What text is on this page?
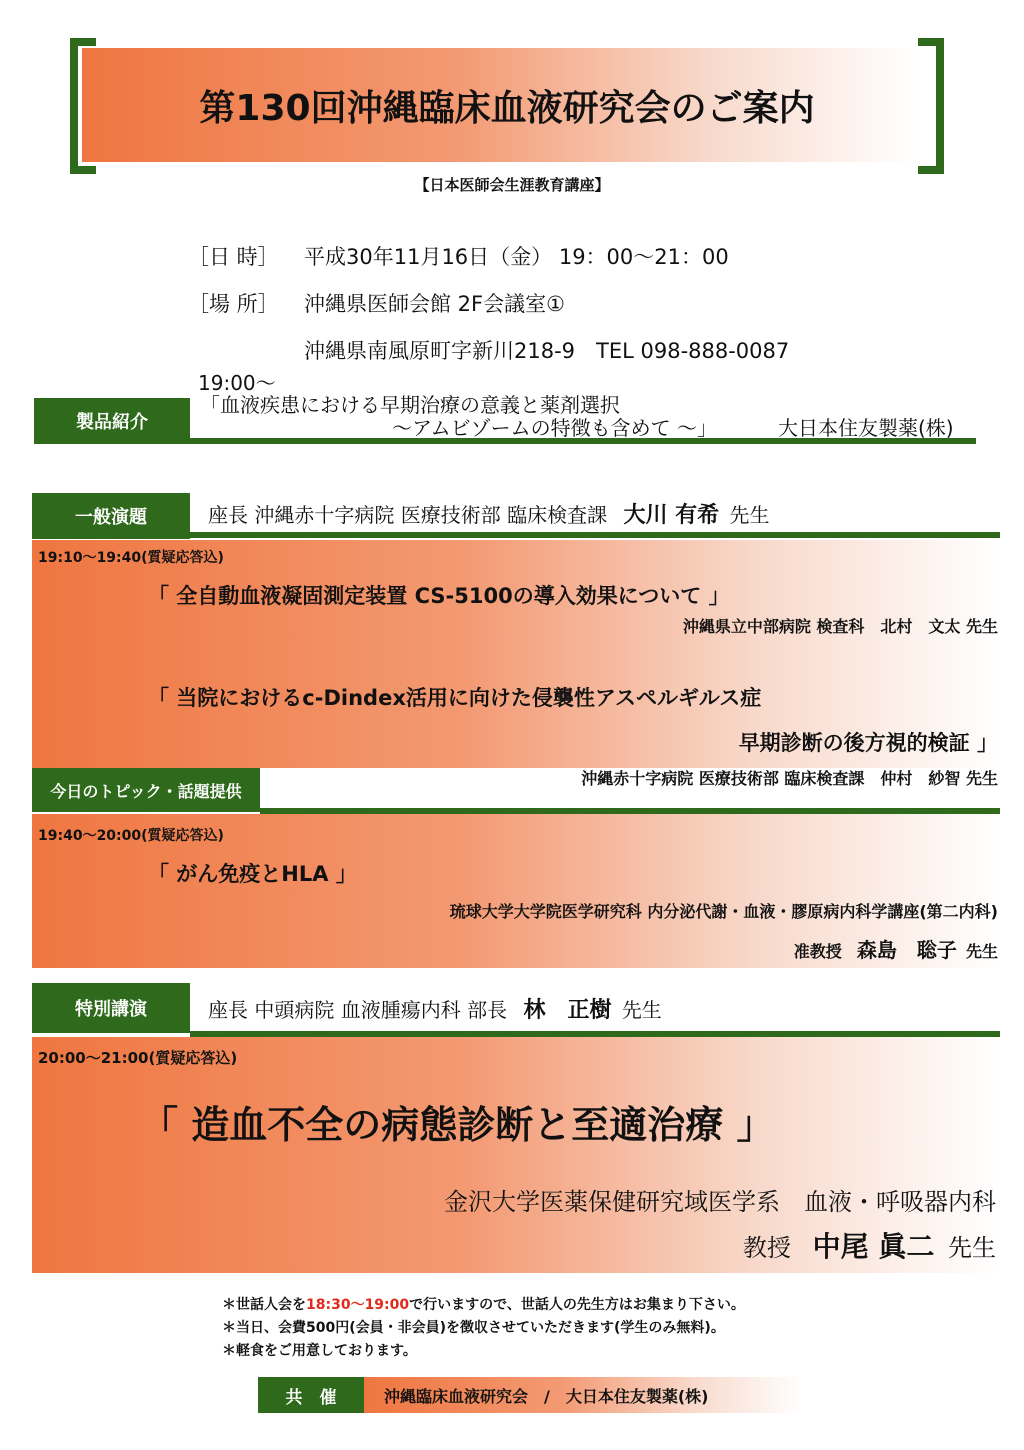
第130回沖縄臨床血液研究会のご案内
【日本医師会生涯教育講座】
［日 時］ 平成30年11月16日（金） 19：00～21：00
［場 所］ 沖縄県医師会館 2F会議室①
沖縄県南風原町字新川218-9　TEL 098-888-0087
19:00～
製品紹介
「血液疾患における早期治療の意義と薬剤選択
～アムビゾームの特徴も含めて ～」	大日本住友製薬(株)
一般演題	座長 沖縄赤十字病院 医療技術部 臨床検査課 大川 有希 先生
19:10～19:40(質疑応答込)
「 全自動血液凝固測定装置 CS-5100の導入効果について 」
沖縄県立中部病院 検査科　北村　文太 先生
「 当院におけるc-Dindex活用に向けた侵襲性アスペルギルス症
早期診断の後方視的検証 」
今日のトピック・話題提供
沖縄赤十字病院 医療技術部 臨床検査課　仲村　紗智 先生
19:40～20:00(質疑応答込)
「 がん免疫とHLA 」
琉球大学大学院医学研究科 内分泌代謝・血液・膠原病内科学講座(第二内科)
准教授 森島　聡子 先生
特別講演	座長 中頭病院 血液腫瘍内科 部長 林　正樹 先生
20:00～21:00(質疑応答込)
「 造血不全の病態診断と至適治療 」
金沢大学医薬保健研究域医学系　血液・呼吸器内科
教授 中尾 眞二 先生
＊世話人会を18:30～19:00で行いますので、世話人の先生方はお集まり下さい。
＊当日、会費500円(会員・非会員)を徴収させていただきます(学生のみ無料)。
＊軽食をご用意しております。
共　催	沖縄臨床血液研究会　/　大日本住友製薬(株)
